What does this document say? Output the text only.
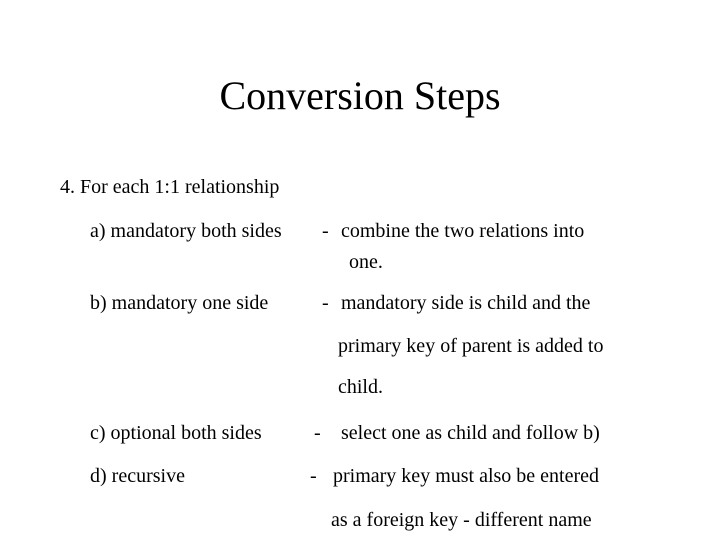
Conversion Steps
4. For each 1:1 relationship
a) mandatory both sides - combine the two relations into
one.
b) mandatory one side	- mandatory side is child and the
primary key of parent is added to
child.
c) optional both sides	- select one as child and follow b)
d) recursive	- primary key must also be entered
as a foreign key - different name
